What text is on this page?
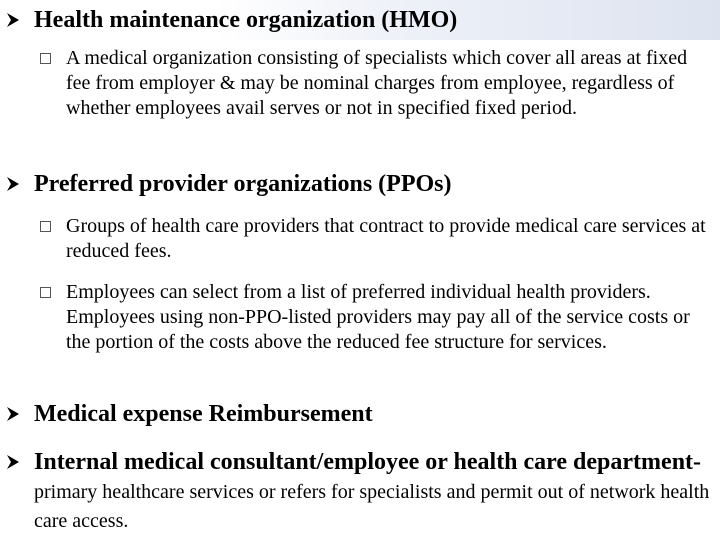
Health maintenance organization (HMO)
A medical organization consisting of specialists which cover all areas at fixed fee from employer & may be nominal charges from employee, regardless of whether employees avail serves or not in specified fixed period.
Preferred provider organizations (PPOs)
Groups of health care providers that contract to provide medical care services at reduced fees.
Employees can select from a list of preferred individual health providers. Employees using non-PPO-listed providers may pay all of the service costs or the portion of the costs above the reduced fee structure for services.
Medical expense Reimbursement
Internal medical consultant/employee or health care department- primary healthcare services or refers for specialists and permit out of network health care access.
